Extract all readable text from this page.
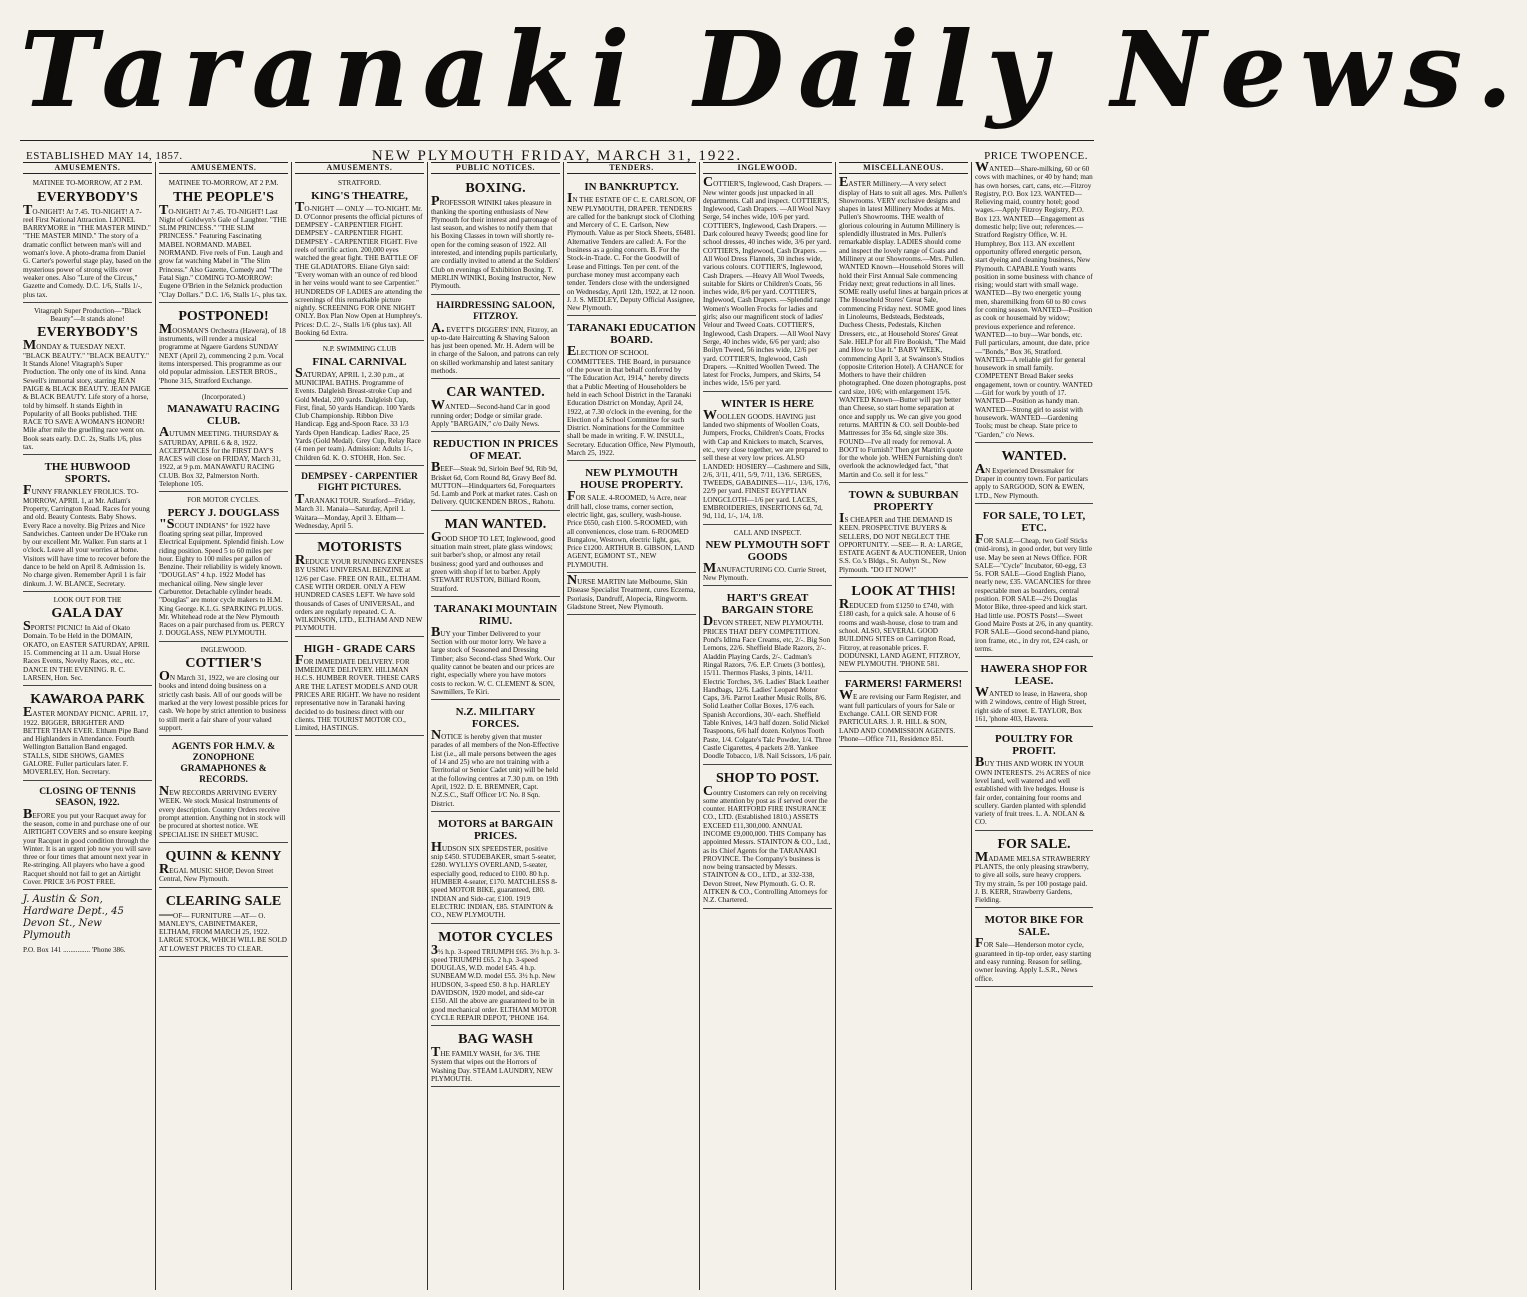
Taranaki Daily News.
ESTABLISHED MAY 14, 1857.	NEW PLYMOUTH FRIDAY, MARCH 31, 1922.	PRICE TWOPENCE.
AMUSEMENTS.
MATINEE TO-MORROW, AT 2 P.M.
EVERYBODY'S

TO-NIGHT! At 7.45. TO-NIGHT! A 7-reel First National Attraction. LIONEL BARRYMORE in "THE MASTER MIND." "THE MASTER MIND." The story of a dramatic conflict between man's will and woman's love. A photo-drama from Daniel G. Carter's powerful stage play, based on the mysterious power of strong wills over weaker ones. Also "Lure of the Circus," Gazette and Comedy. D.C. 1/6, Stalls 1/-, plus tax.

Vitagraph Super Production—"Black Beauty"—It stands alone!
EVERYBODY'S

MONDAY & TUESDAY NEXT. "BLACK BEAUTY." "BLACK BEAUTY." It Stands Alone! Vitagraph's Super Production. The only one of its kind. Anna Sewell's immortal story, starring JEAN PAIGE & BLACK BEAUTY. JEAN PAIGE & BLACK BEAUTY. Life story of a horse, told by himself. It stands Eighth in Popularity of all Books published. THE RACE TO SAVE A WOMAN'S HONOR! Mile after mile the gruelling race went on. Book seats early. D.C. 2s, Stalls 1/6, plus tax.

THE HUBWOOD SPORTS.

FUNNY FRANKLEY FROLICS. TO-MORROW, APRIL 1, at Mr. Adlam's Property, Carrington Road. Races for young and old. Beauty Contests. Baby Shows. Every Race a novelty. Big Prizes and Nice Sandwiches. Canteen under De H'Oake run by our excellent Mr. Walker. Fun starts at 1 o'clock. Leave all your worries at home. Visitors will have time to recover before the dance to be held on April 8. Admission 1s. No charge given. Remember April 1 is fair dinkum. J. W. BLANCE, Secretary.

LOOK OUT FOR THE
GALA DAY

SPORTS! PICNIC! In Aid of Okato Domain. To be Held in the DOMAIN, OKATO, on EASTER SATURDAY, APRIL 15. Commencing at 11 a.m. Usual Horse Races Events, Novelty Races, etc., etc. DANCE IN THE EVENING. R. C. LARSEN, Hon. Sec.

KAWAROA PARK

EASTER MONDAY PICNIC. APRIL 17, 1922. BIGGER, BRIGHTER AND BETTER THAN EVER. Eltham Pipe Band and Highlanders in Attendance. Fourth Wellington Battalion Band engaged. STALLS, SIDE SHOWS, GAMES GALORE. Fuller particulars later. F. MOVERLEY, Hon. Secretary.

CLOSING OF TENNIS SEASON, 1922.

BEFORE you put your Racquet away for the season, come in and purchase one of our AIRTIGHT COVERS and so ensure keeping your Racquet in good condition through the Winter. It is an urgent job now you will save three or four times that amount next year in Re-stringing. All players who have a good Racquet should not fail to get an Airtight Cover. PRICE 3/6 POST FREE.

J. Austin & Son, Hardware Dept., 45 Devon St., New Plymouth
P.O. Box 141 ............... 'Phone 386.
AMUSEMENTS.
MATINEE TO-MORROW, AT 2 P.M.
THE PEOPLE'S

TO-NIGHT! At 7.45. TO-NIGHT! Last Night of Goldwyn's Gale of Laughter. "THE SLIM PRINCESS." "THE SLIM PRINCESS." Featuring Fascinating MABEL NORMAND. MABEL NORMAND. Five reels of Fun. Laugh and grow fat watching Mabel in "The Slim Princess." Also Gazette, Comedy and "The Fatal Sign." COMING TO-MORROW: Eugene O'Brien in the Selznick production "Clay Dollars." D.C. 1/6, Stalls 1/-, plus tax.

POSTPONED!

MOOSMAN'S Orchestra (Hawera), of 18 instruments, will render a musical programme at Ngaere Gardens SUNDAY NEXT (April 2), commencing 2 p.m. Vocal items interspersed. This programme as our old popular admission. LESTER BROS., 'Phone 315, Stratford Exchange.

(Incorporated.)
MANAWATU RACING CLUB.

AUTUMN MEETING. THURSDAY & SATURDAY, APRIL 6 & 8, 1922. ACCEPTANCES for the FIRST DAY'S RACES will close on FRIDAY, March 31, 1922, at 9 p.m. MANAWATU RACING CLUB. Box 32, Palmerston North. Telephone 105.

FOR MOTOR CYCLES.
PERCY J. DOUGLASS

"SCOUT INDIANS" for 1922 have floating spring seat pillar, Improved Electrical Equipment. Splendid finish. Low riding position. Speed 5 to 60 miles per hour. Eighty to 100 miles per gallon of Benzine. Their reliability is widely known. "DOUGLAS" 4 h.p. 1922 Model has mechanical oiling. New single lever Carburettor. Detachable cylinder heads. "Douglas" are motor cycle makers to H.M. King George. K.L.G. SPARKING PLUGS. Mr. Whitehead rode at the New Plymouth Races on a pair purchased from us. PERCY J. DOUGLASS, NEW PLYMOUTH.

INGLEWOOD.
COTTIER'S

ON March 31, 1922, we are closing our books and intend doing business on a strictly cash basis. All of our goods will be marked at the very lowest possible prices for cash. We hope by strict attention to business to still merit a fair share of your valued support.

AGENTS FOR H.M.V. & ZONOPHONE GRAMAPHONES & RECORDS.

NEW RECORDS ARRIVING EVERY WEEK. We stock Musical Instruments of every description. Country Orders receive prompt attention. Anything not in stock will be procured at shortest notice. WE SPECIALISE IN SHEET MUSIC.

QUINN & KENNY

REGAL MUSIC SHOP, Devon Street Central, New Plymouth.

CLEARING SALE

—OF— FURNITURE —AT— O. MANLEY'S, CABINETMAKER, ELTHAM, FROM MARCH 25, 1922. LARGE STOCK, WHICH WILL BE SOLD AT LOWEST PRICES TO CLEAR.

AMUSEMENTS.
STRATFORD.
KING'S THEATRE,

TO-NIGHT — ONLY — TO-NIGHT. Mr. D. O'Connor presents the official pictures of DEMPSEY - CARPENTIER FIGHT. DEMPSEY - CARPENTIER FIGHT. DEMPSEY - CARPENTIER FIGHT. Five reels of terrific action. 200,000 eyes watched the great fight. THE BATTLE OF THE GLADIATORS. Eliane Glyn said: "Every woman with an ounce of red blood in her veins would want to see Carpentier." HUNDREDS OF LADIES are attending the screenings of this remarkable picture nightly. SCREENING FOR ONE NIGHT ONLY. Box Plan Now Open at Humphrey's. Prices: D.C. 2/-, Stalls 1/6 (plus tax). All Booking 6d Extra.

N.P. SWIMMING CLUB
FINAL CARNIVAL

SATURDAY, APRIL 1, 2.30 p.m., at MUNICIPAL BATHS. Programme of Events. Dalgleish Breast-stroke Cup and Gold Medal, 200 yards. Dalgleish Cup, First, final, 50 yards Handicap. 100 Yards Club Championship. Ribbon Dive Handicap. Egg and-Spoon Race. 33 1/3 Yards Open Handicap. Ladies' Race, 25 Yards (Gold Medal). Grey Cup, Relay Race (4 men per team). Admission: Adults 1/-, Children 6d. K. O. STOHR, Hon. Sec.

DEMPSEY - CARPENTIER FIGHT PICTURES.

TARANAKI TOUR. Stratford—Friday, March 31. Manaia—Saturday, April 1. Waitara—Monday, April 3. Eltham—Wednesday, April 5.

MOTORISTS

REDUCE YOUR RUNNING EXPENSES BY USING UNIVERSAL BENZINE at 12/6 per Case. FREE ON RAIL, ELTHAM. CASE WITH ORDER. ONLY A FEW HUNDRED CASES LEFT. We have sold thousands of Cases of UNIVERSAL, and orders are regularly repeated. C. A. WILKINSON, LTD., ELTHAM AND NEW PLYMOUTH.

HIGH - GRADE CARS

FOR IMMEDIATE DELIVERY. FOR IMMEDIATE DELIVERY. HILLMAN H.C.S. HUMBER ROVER. THESE CARS ARE THE LATEST MODELS AND OUR PRICES ARE RIGHT. We have no resident representative now in Taranaki having decided to do business direct with our clients. THE TOURIST MOTOR CO., Limited, HASTINGS.

PUBLIC NOTICES.
BOXING.

PROFESSOR WINIKI takes pleasure in thanking the sporting enthusiasts of New Plymouth for their interest and patronage of last season, and wishes to notify them that his Boxing Classes in town will shortly re-open for the coming season of 1922. All interested, and intending pupils particularly, are cordially invited to attend at the Soldiers' Club on evenings of Exhibition Boxing. T. MERLIN WINIKI, Boxing Instructor, New Plymouth.

HAIRDRESSING SALOON, FITZROY.

A. EVETT'S DIGGERS' INN, Fitzroy, an up-to-date Haircutting & Shaving Saloon has just been opened. Mr. H. Adern will be in charge of the Saloon, and patrons can rely on skilled workmanship and latest sanitary methods.

CAR WANTED.

WANTED—Second-hand Car in good running order; Dodge or similar grade. Apply "BARGAIN," c/o Daily News.

REDUCTION IN PRICES OF MEAT.

BEEF—Steak 9d, Sirloin Beef 9d, Rib 9d, Brisket 6d, Corn Round 8d, Gravy Beef 8d. MUTTON—Hindquarters 6d, Forequarters 5d. Lamb and Pork at market rates. Cash on Delivery. QUICKENDEN BROS., Rahotu.

MAN WANTED.

GOOD SHOP TO LET, Inglewood, good situation main street, plate glass windows; suit barber's shop, or almost any retail business; good yard and outhouses and green with shop if let to barber. Apply STEWART RUSTON, Billiard Room, Stratford.

TARANAKI MOUNTAIN RIMU.

BUY your Timber Delivered to your Section with our motor lorry. We have a large stock of Seasoned and Dressing Timber; also Second-class Shed Work. Our quality cannot be beaten and our prices are right, especially where you have motors costs to reckon. W. C. CLEMENT & SON, Sawmillers, Te Kiri.

N.Z. MILITARY FORCES.

NOTICE is hereby given that muster parades of all members of the Non-Effective List (i.e., all male persons between the ages of 14 and 25) who are not training with a Territorial or Senior Cadet unit) will be held at the following centres at 7.30 p.m. on 19th April, 1922. D. E. BREMNER, Capt. N.Z.S.C., Staff Officer I/C No. 8 Sqn. District.

MOTORS at BARGAIN PRICES.

HUDSON SIX SPEEDSTER, positive snip £450. STUDEBAKER, smart 5-seater, £280. WYLLYS OVERLAND, 5-seater, especially good, reduced to £100. 80 h.p. HUMBER 4-seater, £170. MATCHLESS 8-speed MOTOR BIKE, guaranteed, £80. INDIAN and Side-car, £100. 1919 ELECTRIC INDIAN, £85. STAINTON & CO., NEW PLYMOUTH.

MOTOR CYCLES

3½ h.p. 3-speed TRIUMPH £65. 3½ h.p. 3-speed TRIUMPH £65. 2 h.p. 3-speed DOUGLAS, W.D. model £45. 4 h.p. SUNBEAM W.D. model £55. 3½ h.p. New HUDSON, 3-speed £50. 8 h.p. HARLEY DAVIDSON, 1920 model, and side-car £150. All the above are guaranteed to be in good mechanical order. ELTHAM MOTOR CYCLE REPAIR DEPOT, 'PHONE 164.

BAG WASH

THE FAMILY WASH, for 3/6. THE System that wipes out the Horrors of Washing Day. STEAM LAUNDRY, NEW PLYMOUTH.

TENDERS.
IN BANKRUPTCY.

IN THE ESTATE OF C. E. CARLSON, OF NEW PLYMOUTH, DRAPER. TENDERS are called for the bankrupt stock of Clothing and Mercery of C. E. Carlson, New Plymouth. Value as per Stock Sheets, £6481. Alternative Tenders are called: A. For the business as a going concern. B. For the Stock-in-Trade. C. For the Goodwill of Lease and Fittings. Ten per cent. of the purchase money must accompany each tender. Tenders close with the undersigned on Wednesday, April 12th, 1922, at 12 noon. J. J. S. MEDLEY, Deputy Official Assignee, New Plymouth.

TARANAKI EDUCATION BOARD.

ELECTION OF SCHOOL COMMITTEES. THE Board, in pursuance of the power in that behalf conferred by "The Education Act, 1914," hereby directs that a Public Meeting of Householders be held in each School District in the Taranaki Education District on Monday, April 24, 1922, at 7.30 o'clock in the evening, for the Election of a School Committee for such District. Nominations for the Committee shall be made in writing. F. W. INSULL, Secretary. Education Office, New Plymouth, March 25, 1922.

NEW PLYMOUTH HOUSE PROPERTY.

FOR SALE. 4-ROOMED, ¼ Acre, near drill hall, close trams, corner section, electric light, gas, scullery, wash-house. Price £650, cash £100. 5-ROOMED, with all conveniences, close tram. 6-ROOMED Bungalow, Westown, electric light, gas, Price £1200. ARTHUR B. GIBSON, LAND AGENT, EGMONT ST., NEW PLYMOUTH.

NURSE MARTIN late Melbourne, Skin Disease Specialist Treatment, cures Eczema, Psoriasis, Dandruff, Alopecia, Ringworm. Gladstone Street, New Plymouth.

INGLEWOOD.

COTTIER'S, Inglewood, Cash Drapers. —New winter goods just unpacked in all departments. Call and inspect. COTTIER'S, Inglewood, Cash Drapers. —All Wool Navy Serge, 54 inches wide, 10/6 per yard. COTTIER'S, Inglewood, Cash Drapers. —Dark coloured heavy Tweeds; good line for school dresses, 40 inches wide, 3/6 per yard. COTTIER'S, Inglewood, Cash Drapers. —All Wool Dress Flannels, 30 inches wide, various colours. COTTIER'S, Inglewood, Cash Drapers. —Heavy All Wool Tweeds, suitable for Skirts or Children's Coats, 56 inches wide, 8/6 per yard. COTTIER'S, Inglewood, Cash Drapers. —Splendid range Women's Woollen Frocks for ladies and girls; also our magnificent stock of ladies' Velour and Tweed Coats. COTTIER'S, Inglewood, Cash Drapers. —All Wool Navy Serge, 40 inches wide, 6/6 per yard; also Boilyn Tweed, 56 inches wide, 12/6 per yard. COTTIER'S, Inglewood, Cash Drapers. —Knitted Woollen Tweed. The latest for Frocks, Jumpers, and Skirts, 54 inches wide, 15/6 per yard.

WINTER IS HERE

WOOLLEN GOODS. HAVING just landed two shipments of Woollen Coats, Jumpers, Frocks, Children's Coats, Frocks with Cap and Knickers to match, Scarves, etc., very close together, we are prepared to sell these at very low prices. ALSO LANDED: HOSIERY—Cashmere and Silk, 2/6, 3/11, 4/11, 5/9, 7/11, 13/6. SERGES, TWEEDS, GABADINES—11/-, 13/6, 17/6, 22/9 per yard. FINEST EGYPTIAN LONGCLOTH—1/6 per yard. LACES, EMBROIDERIES, INSERTIONS 6d, 7d, 9d, 11d, 1/-, 1/4, 1/8.

CALL AND INSPECT.
NEW PLYMOUTH SOFT GOODS

MANUFACTURING CO. Currie Street, New Plymouth.

HART'S GREAT BARGAIN STORE

DEVON STREET, NEW PLYMOUTH. PRICES THAT DEFY COMPETITION. Pond's Idlma Face Creams, etc, 2/-. Big Son Lemons, 22/6. Sheffield Blade Razors, 2/-. Aladdin Playing Cards, 2/-. Cadman's Ringal Razors, 7/6. E.P. Cruets (3 bottles), 15/11. Thermos Flasks, 3 pints, 14/11. Electric Torches, 3/6. Ladies' Black Leather Handbags, 12/6. Ladies' Leopard Motor Caps, 3/6. Parrot Leather Music Rolls, 8/6. Solid Leather Collar Boxes, 17/6 each. Spanish Accordions, 30/- each. Sheffield Table Knives, 14/3 half dozen. Solid Nickel Teaspoons, 6/6 half dozen. Kolynos Tooth Paste, 1/4. Colgate's Talc Powder, 1/4. Three Castle Cigarettes, 4 packets 2/8. Yankee Doodle Tobacco, 1/8. Nail Scissors, 1/6 pair.

SHOP TO POST.

Country Customers can rely on receiving some attention by post as if served over the counter. HARTFORD FIRE INSURANCE CO., LTD. (Established 1810.) ASSETS EXCEED £11,300,000. ANNUAL INCOME £9,000,000. THIS Company has appointed Messrs. STAINTON & CO., Ltd., as its Chief Agents for the TARANAKI PROVINCE. The Company's business is now being transacted by Messrs. STAINTON & CO., LTD., at 332-338, Devon Street, New Plymouth. G. O. R. AITKEN & CO., Controlling Attorneys for N.Z. Chartered.

MISCELLANEOUS.

EASTER Millinery.—A very select display of Hats to suit all ages. Mrs. Pullen's Showrooms. VERY exclusive designs and shapes in latest Millinery Modes at Mrs. Pullen's Showrooms. THE wealth of glorious colouring in Autumn Millinery is splendidly illustrated in Mrs. Pullen's remarkable display. LADIES should come and inspect the lovely range of Coats and Millinery at our Showrooms.—Mrs. Pullen. WANTED Known—Household Stores will hold their First Annual Sale commencing Friday next; great reductions in all lines. SOME really useful lines at bargain prices at The Household Stores' Great Sale, commencing Friday next. SOME good lines in Linoleums, Bedsteads, Bedsteads, Duchess Chests, Pedestals, Kitchen Dressers, etc., at Household Stores' Great Sale. HELP for all Fire Bookish, "The Maid and How to Use It." BABY WEEK, commencing April 3, at Swainson's Studios (opposite Criterion Hotel). A CHANCE for Mothers to have their children photographed. One dozen photographs, post card size, 10/6; with enlargement 15/6. WANTED Known—Butter will pay better than Cheese, so start home separation at once and supply us. We can give you good returns. MARTIN & CO. sell Double-bed Mattresses for 35s 6d, single size 30s. FOUND—I've all ready for removal. A BOOT to Furnish? Then get Martin's quote for the whole job. WHEN Furnishing don't overlook the acknowledged fact, "that Martin and Co. sell it for less."

TOWN & SUBURBAN PROPERTY

IS CHEAPER and THE DEMAND IS KEEN. PROSPECTIVE BUYERS & SELLERS, DO NOT NEGLECT THE OPPORTUNITY. —SEE— R. A: LARGE, ESTATE AGENT & AUCTIONEER, Union S.S. Co.'s Bldgs., St. Aubyn St., New Plymouth. "DO IT NOW!"

LOOK AT THIS!

REDUCED from £1250 to £740, with £180 cash, for a quick sale. A house of 6 rooms and wash-house, close to tram and school. ALSO, SEVERAL GOOD BUILDING SITES on Carrington Road, Fitzroy, at reasonable prices. F. DODUNSKI, LAND AGENT, FITZROY, NEW PLYMOUTH. 'PHONE 581.

FARMERS! FARMERS!

WE are revising our Farm Register, and want full particulars of yours for Sale or Exchange. CALL OR SEND FOR PARTICULARS. J. R. HILL & SON, LAND AND COMMISSION AGENTS. 'Phone—Office 711, Residence 851.

WANTED—Share-milking, 60 or 60 cows with machines, or 40 by hand; man has own horses, cart, cans, etc.—Fitzroy Registry, P.O. Box 123. WANTED—Relieving maid, country hotel; good wages.—Apply Fitzroy Registry, P.O. Box 123. WANTED—Engagement as domestic help; live out; references.—Stratford Registry Office, W. H. Humphrey, Box 113. AN excellent opportunity offered energetic person, start dyeing and cleaning business, New Plymouth. CAPABLE Youth wants position in some business with chance of rising; would start with small wage. WANTED—By two energetic young men, sharemilking from 60 to 80 cows for coming season. WANTED—Position as cook or housemaid by widow; previous experience and reference. WANTED—to buy—War bonds, etc. Full particulars, amount, due date, price—"Bonds," Box 36, Stratford. WANTED—A reliable girl for general housework in small family. COMPETENT Bread Baker seeks engagement, town or country. WANTED—Girl for work by youth of 17. WANTED—Position as handy man. WANTED—Strong girl to assist with housework. WANTED—Gardening Tools; must be cheap. State price to "Garden," c/o News.

WANTED.

AN Experienced Dressmaker for Draper in country town. For particulars apply to SARGOOD, SON & EWEN, LTD., New Plymouth.

FOR SALE, TO LET, ETC.

FOR SALE—Cheap, two Golf Sticks (mid-irons), in good order, but very little use. May be seen at News Office. FOR SALE—"Cycle" Incubator, 60-egg, £3 5s. FOR SALE—Good English Piano, nearly new, £35. VACANCIES for three respectable men as boarders, central position. FOR SALE—2½ Douglas Motor Bike, three-speed and kick start. Had little use. POSTS Posts!—Sweet Good Maire Posts at 2/6, in any quantity. FOR SALE—Good second-hand piano, iron frame, etc., in dry rot, £24 cash, or terms.

HAWERA SHOP FOR LEASE.

WANTED to lease, in Hawera, shop with 2 windows, centre of High Street, right side of street. E. TAYLOR, Box 161, 'phone 403, Hawera.

POULTRY FOR PROFIT.

BUY THIS AND WORK IN YOUR OWN INTERESTS. 2½ ACRES of nice level land, well watered and well established with live hedges. House is fair order, containing four rooms and scullery. Garden planted with splendid variety of fruit trees. L. A. NOLAN & CO.

FOR SALE.

MADAME MELSA STRAWBERRY PLANTS, the only pleasing strawberry, to give all soils, sure heavy croppers. Try my strain, 5s per 100 postage paid. J. B. KERR, Strawberry Gardens, Fielding.

MOTOR BIKE FOR SALE.

FOR Sale—Henderson motor cycle, guaranteed in tip-top order, easy starting and easy running. Reason for selling, owner leaving. Apply L.S.R., News office.
